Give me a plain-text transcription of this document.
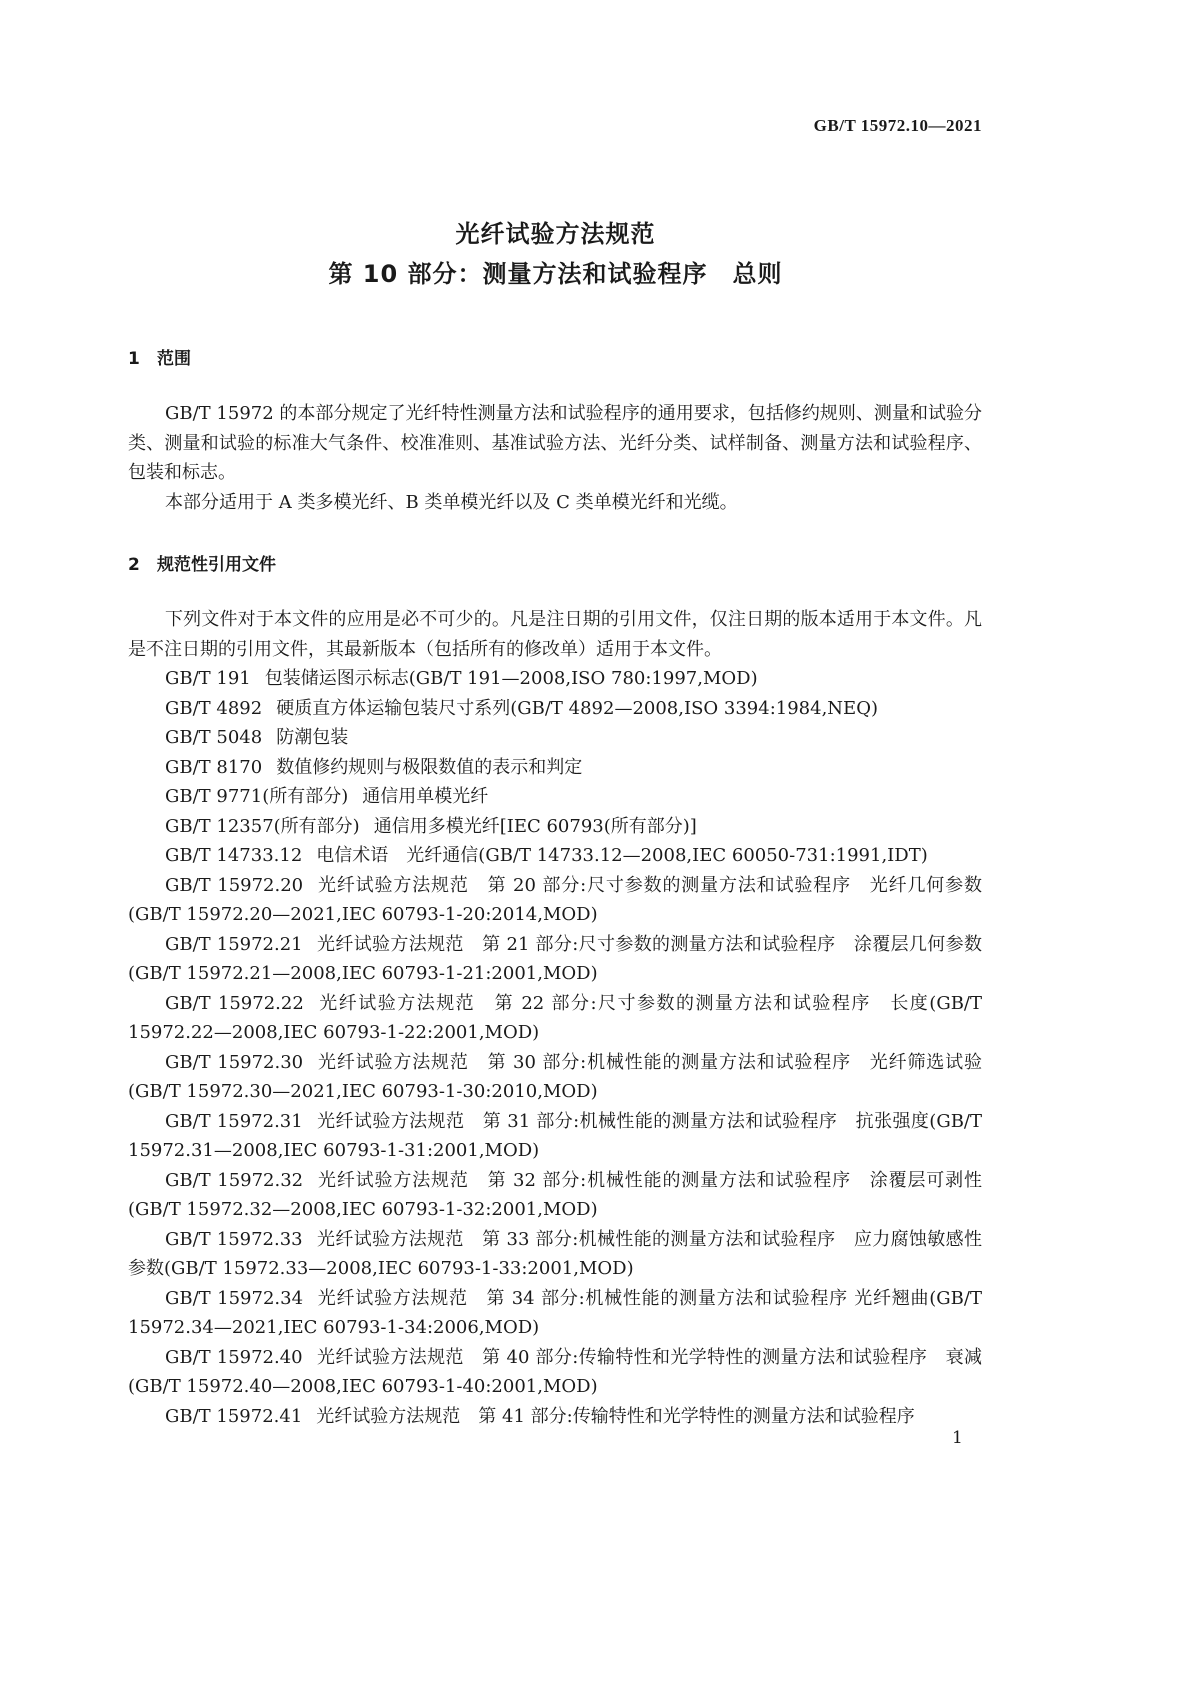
GB/T 15972.10—2021
光纤试验方法规范
第 10 部分：测量方法和试验程序　总则
1 范围

GB/T 15972 的本部分规定了光纤特性测量方法和试验程序的通用要求，包括修约规则、测量和试验分类、测量和试验的标准大气条件、校准准则、基准试验方法、光纤分类、试样制备、测量方法和试验程序、包装和标志。

本部分适用于 A 类多模光纤、B 类单模光纤以及 C 类单模光纤和光缆。

2 规范性引用文件

下列文件对于本文件的应用是必不可少的。凡是注日期的引用文件，仅注日期的版本适用于本文件。凡是不注日期的引用文件，其最新版本（包括所有的修改单）适用于本文件。

GB/T 191 包装储运图示标志(GB/T 191—2008,ISO 780:1997,MOD)

GB/T 4892 硬质直方体运输包装尺寸系列(GB/T 4892—2008,ISO 3394:1984,NEQ)

GB/T 5048 防潮包装

GB/T 8170 数值修约规则与极限数值的表示和判定

GB/T 9771(所有部分) 通信用单模光纤

GB/T 12357(所有部分) 通信用多模光纤[IEC 60793(所有部分)]

GB/T 14733.12 电信术语　光纤通信(GB/T 14733.12—2008,IEC 60050-731:1991,IDT)

GB/T 15972.20 光纤试验方法规范　第 20 部分:尺寸参数的测量方法和试验程序　光纤几何参数(GB/T 15972.20—2021,IEC 60793-1-20:2014,MOD)

GB/T 15972.21 光纤试验方法规范　第 21 部分:尺寸参数的测量方法和试验程序　涂覆层几何参数(GB/T 15972.21—2008,IEC 60793-1-21:2001,MOD)

GB/T 15972.22 光纤试验方法规范　第 22 部分:尺寸参数的测量方法和试验程序　长度(GB/T 15972.22—2008,IEC 60793-1-22:2001,MOD)

GB/T 15972.30 光纤试验方法规范　第 30 部分:机械性能的测量方法和试验程序　光纤筛选试验(GB/T 15972.30—2021,IEC 60793-1-30:2010,MOD)

GB/T 15972.31 光纤试验方法规范　第 31 部分:机械性能的测量方法和试验程序　抗张强度(GB/T 15972.31—2008,IEC 60793-1-31:2001,MOD)

GB/T 15972.32 光纤试验方法规范　第 32 部分:机械性能的测量方法和试验程序　涂覆层可剥性(GB/T 15972.32—2008,IEC 60793-1-32:2001,MOD)

GB/T 15972.33 光纤试验方法规范　第 33 部分:机械性能的测量方法和试验程序　应力腐蚀敏感性参数(GB/T 15972.33—2008,IEC 60793-1-33:2001,MOD)

GB/T 15972.34 光纤试验方法规范　第 34 部分:机械性能的测量方法和试验程序 光纤翘曲(GB/T 15972.34—2021,IEC 60793-1-34:2006,MOD)

GB/T 15972.40 光纤试验方法规范　第 40 部分:传输特性和光学特性的测量方法和试验程序　衰减(GB/T 15972.40—2008,IEC 60793-1-40:2001,MOD)

GB/T 15972.41 光纤试验方法规范　第 41 部分:传输特性和光学特性的测量方法和试验程序

1
